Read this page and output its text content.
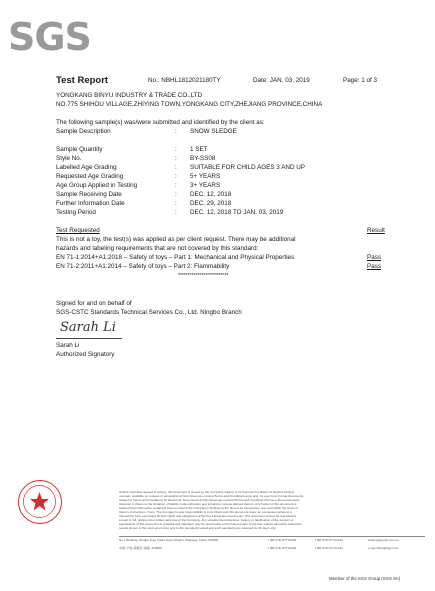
SGS
Test Report	No.: NBHL1812021180TY	Date: JAN. 03, 2019	Page: 1 of 3
YONGKANG BINYU INDUSTRY & TRADE CO.,LTD
NO.775 SHIHOU VILLAGE,ZHIYING TOWN,YONGKANG CITY,ZHEJIANG PROVINCE,CHINA
The following sample(s) was/were submitted and identified by the client as:
Sample Description	: SNOW SLEDGE
Sample Quantity	: 1 SET
Style No.	: BY-SS08
Labelled Age Grading	: SUITABLE FOR CHILD AGES 3 AND UP
Requested Age Grading	: 5+ YEARS
Age Group Applied in Testing	: 3+ YEARS
Sample Receiving Date	: DEC. 12, 2018
Further Information Date	: DEC. 29, 2018
Testing Period	: DEC. 12, 2018 TO JAN. 03, 2019
Test Requested	Result
This is not a toy, the test(s) was applied as per client request. There may be additional
hazards and labeling requirements that are not covered by this standard:
EN 71-1:2014+A1:2018 – Safety of toys – Part 1: Mechanical and Physical Properties	Pass
EN 71-2:2011+A1:2014 – Safety of toys – Part 2: Flammability	Pass
**************************
Signed for and on behalf of
SGS-CSTC Standards Technical Services Co., Ltd. Ningbo Branch
Sarah Li
Sarah Li
Authorized Signatory
Unless otherwise agreed in writing, this document is issued by the Company subject to its General Conditions of Service printed
overleaf, available on request or accessible at http://www.sgs.com/en/Terms-and-Conditions.aspx and, for electronic format documents,
subject to Terms and Conditions for Electronic Documents at http://www.sgs.com/en/Terms-and-Conditions/Terms-e-Document.aspx.
Attention is drawn to the limitation of liability, indemnification and jurisdiction issues defined therein. Any holder of this document is
advised that information contained hereon reflects the Company's findings at the time of its intervention only and within the limits of
Client's instructions, if any. The Company's sole responsibility is to its Client and this document does not exonerate parties to a
transaction from exercising all their rights and obligations under the transaction documents. This document cannot be reproduced
except in full, without prior written approval of the Company. Any unauthorized alteration, forgery or falsification of the content or
appearance of this document is unlawful and offenders may be prosecuted to the fullest extent of the law. Unless otherwise stated the
results shown in this test report refer only to the sample(s) tested and such sample(s) are retained for 30 days only.
No.1 Building, Ningbo Free Trade Zone Ningbo, Zhejiang, China 315800	t (86-574) 87712218	f (86-574) 87712212	www.sgsgroup.com.cn
中国·宁波·保税区 邮编: 315800	t (86-574) 87712218	f (86-574) 87712212	e sgs.china@sgs.com
Member of the SGS Group (SGS SA)
